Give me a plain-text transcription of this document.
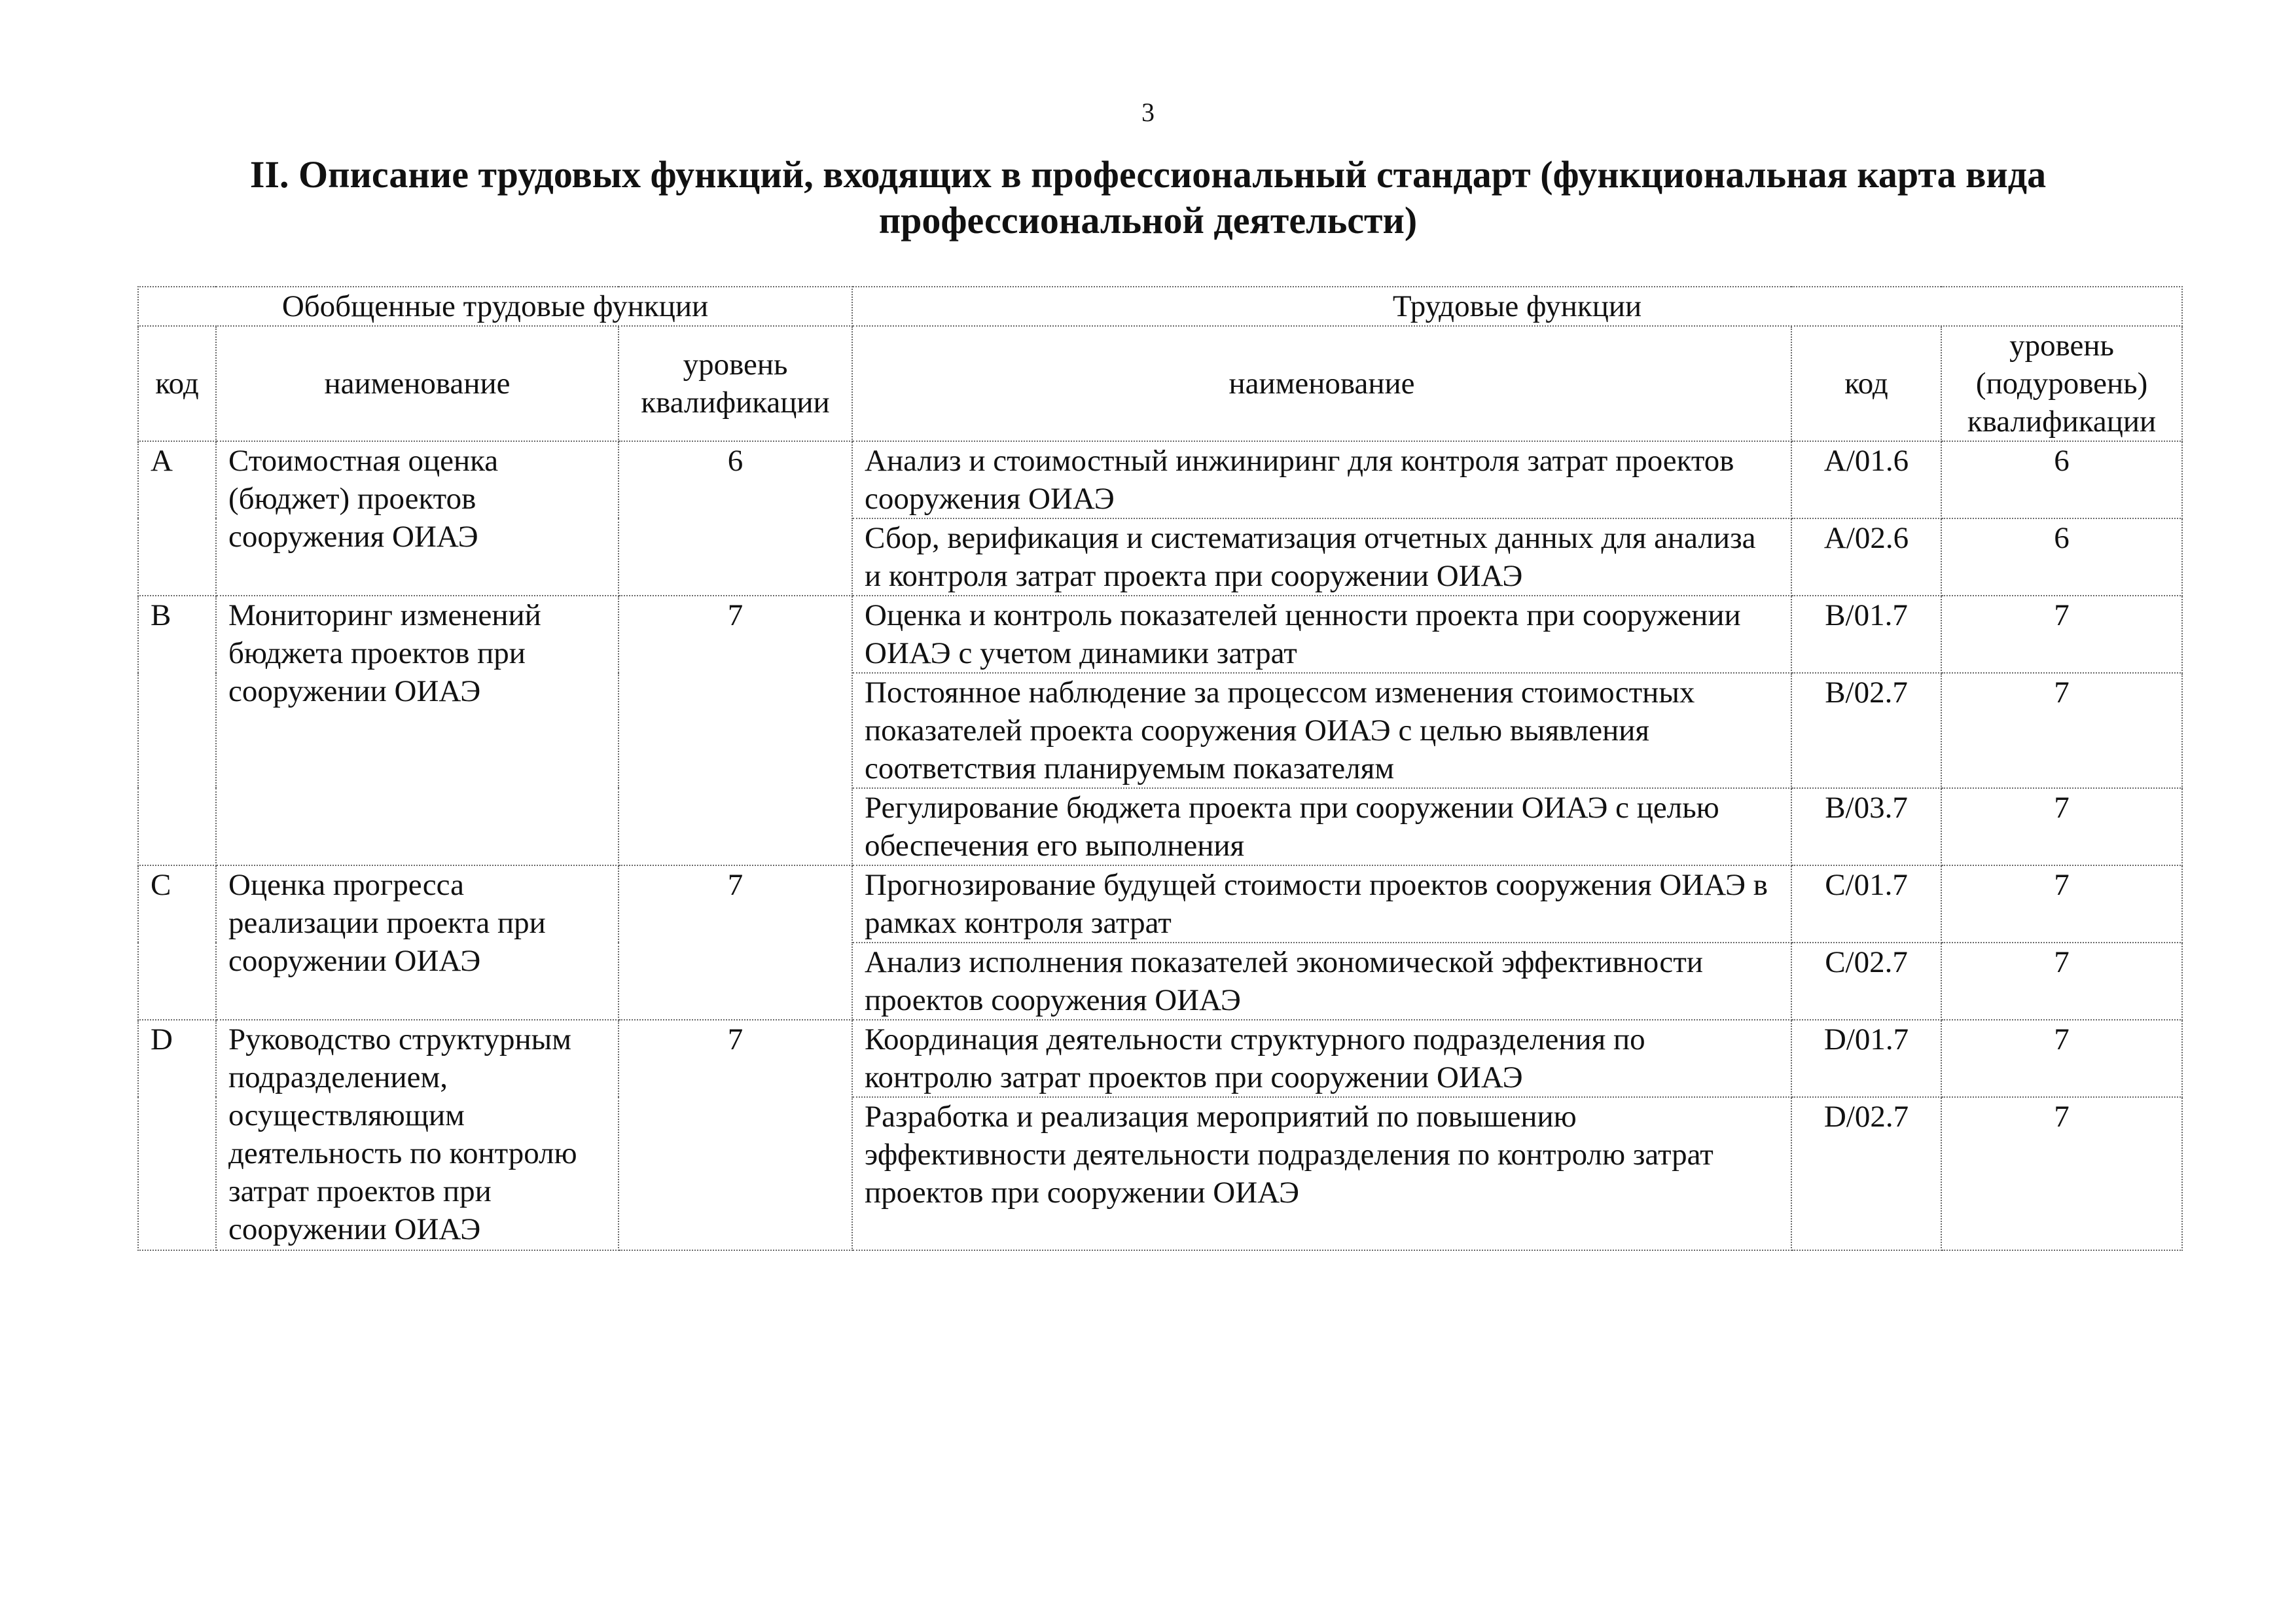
3
II. Описание трудовых функций, входящих в профессиональный стандарт (функциональная карта вида
профессиональной деятельсти)
Обобщенные трудовые функции			Трудовые функции		
код	наименование	уровень квалификации	наименование	код	уровень (подуровень) квалификации
A	Стоимостная оценка (бюджет) проектов сооружения ОИАЭ	6	Анализ и стоимостный инжиниринг для контроля затрат проектов сооружения ОИАЭ	A/01.6	6
			Сбор, верификация и систематизация отчетных данных для анализа и контроля затрат проекта при сооружении ОИАЭ	A/02.6	6
B	Мониторинг изменений бюджета проектов при сооружении ОИАЭ	7	Оценка и контроль показателей ценности проекта при сооружении ОИАЭ с учетом динамики затрат	B/01.7	7
			Постоянное наблюдение за процессом изменения стоимостных показателей проекта сооружения ОИАЭ с целью выявления соответствия планируемым показателям	B/02.7	7
			Регулирование бюджета проекта при сооружении ОИАЭ с целью обеспечения его выполнения	B/03.7	7
C	Оценка прогресса реализации проекта при сооружении ОИАЭ	7	Прогнозирование будущей стоимости проектов сооружения ОИАЭ в рамках контроля затрат	C/01.7	7
			Анализ исполнения показателей экономической эффективности проектов сооружения ОИАЭ	C/02.7	7
D	Руководство структурным подразделением, осуществляющим деятельность по контролю затрат проектов при сооружении ОИАЭ	7	Координация деятельности структурного подразделения по контролю затрат проектов при сооружении ОИАЭ	D/01.7	7
			Разработка и реализация мероприятий по повышению эффективности деятельности подразделения по контролю затрат проектов при сооружении ОИАЭ	D/02.7	7
